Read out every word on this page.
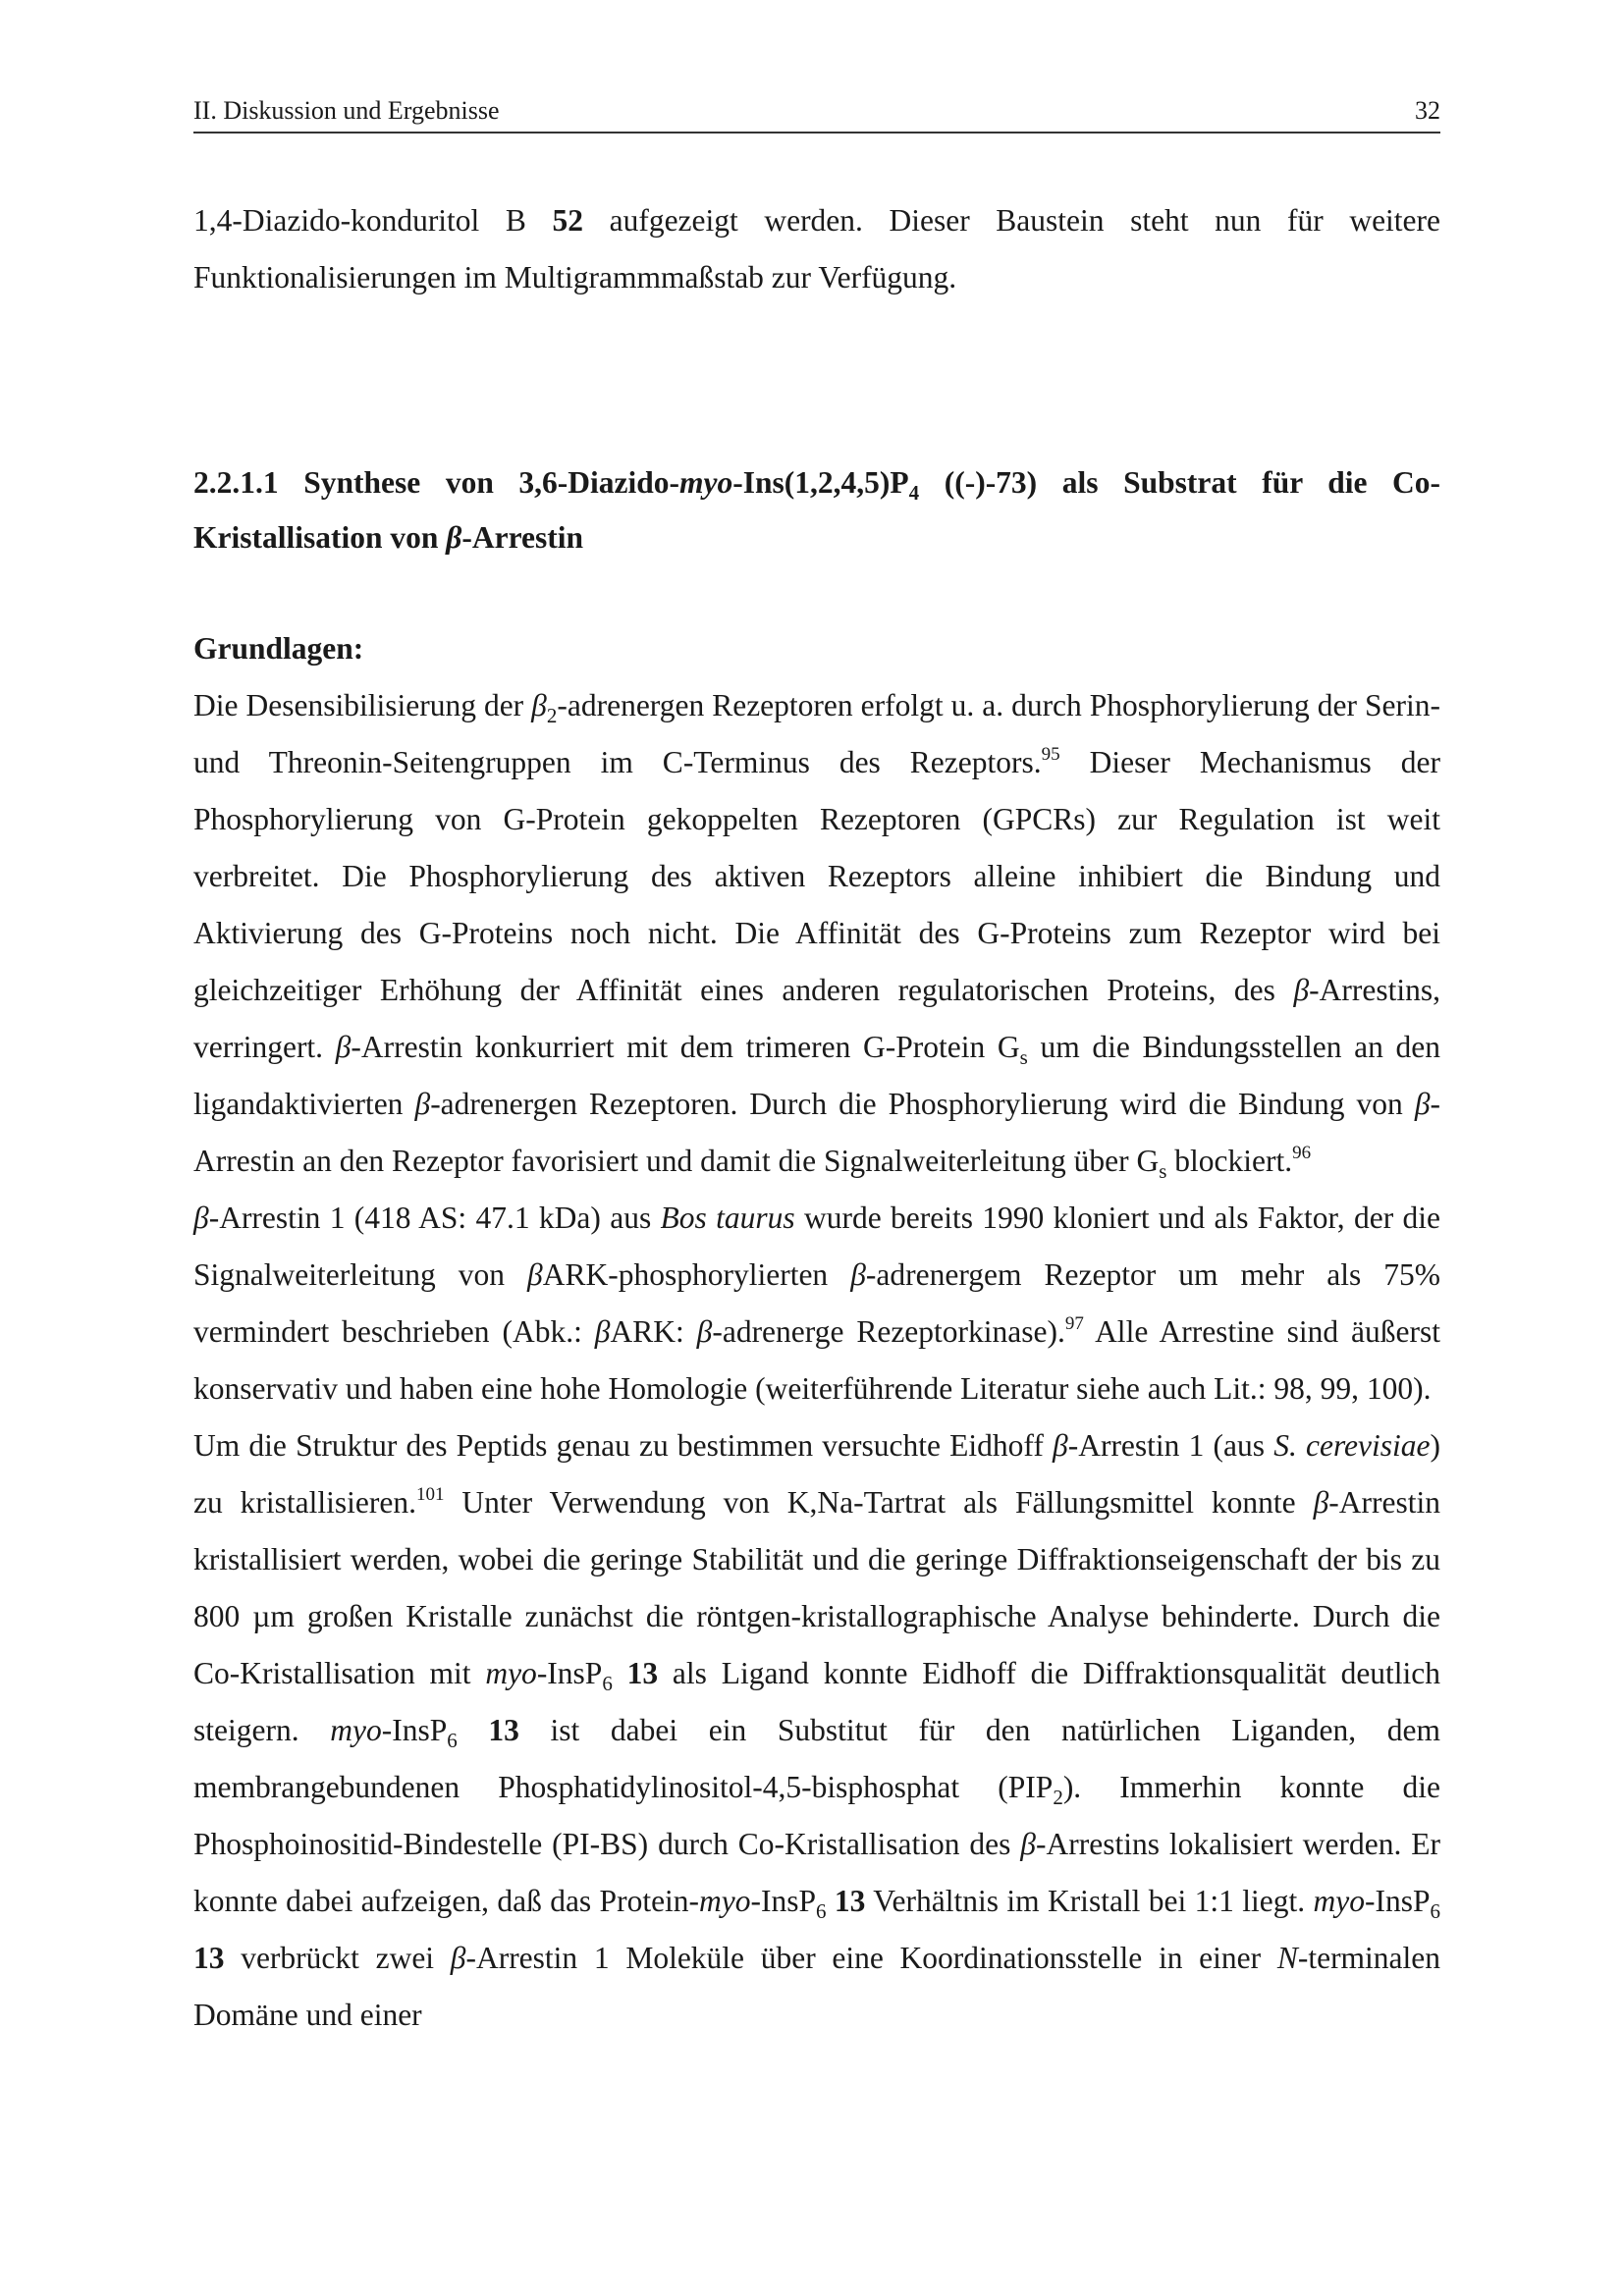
II. Diskussion und Ergebnisse	32

1,4-Diazido-konduritol B 52 aufgezeigt werden. Dieser Baustein steht nun für weitere Funktionalisierungen im Multigrammmaßstab zur Verfügung.

2.2.1.1 Synthese von $3,6-Diazido-myo-Ins(1,2,4,5)P_4$ ((-)-73) als Substrat für die Co-Kristallisation von β-Arrestin

Grundlagen:

Die Desensibilisierung der $\beta_2$-adrenergen Rezeptoren erfolgt u. a. durch Phosphorylierung der Serin- und Threonin-Seitengruppen im C-Terminus des Rezeptors.$^{95}$ Dieser Mechanismus der Phosphorylierung von G-Protein gekoppelten Rezeptoren (GPCRs) zur Regulation ist weit verbreitet. Die Phosphorylierung des aktiven Rezeptors alleine inhibiert die Bindung und Aktivierung des G-Proteins noch nicht. Die Affinität des G-Proteins zum Rezeptor wird bei gleichzeitiger Erhöhung der Affinität eines anderen regulatorischen Proteins, des β-Arrestins, verringert. β-Arrestin konkurriert mit dem trimeren G-Protein $G_s$ um die Bindungsstellen an den ligandaktivierten β-adrenergen Rezeptoren. Durch die Phosphorylierung wird die Bindung von β-Arrestin an den Rezeptor favorisiert und damit die Signalweiterleitung über $G_s$ blockiert.$^{96}$

β-Arrestin 1 (418 AS: 47.1 kDa) aus Bos taurus wurde bereits 1990 kloniert und als Faktor, der die Signalweiterleitung von βARK-phosphorylierten β-adrenergem Rezeptor um mehr als 75% vermindert beschrieben (Abk.: βARK: β-adrenerge Rezeptorkinase).$^{97}$ Alle Arrestine sind äußerst konservativ und haben eine hohe Homologie (weiterführende Literatur siehe auch Lit.: 98, 99, 100).

Um die Struktur des Peptids genau zu bestimmen versuchte Eidhoff β-Arrestin 1 (aus S. cerevisiae) zu kristallisieren.$^{101}$ Unter Verwendung von K,Na-Tartrat als Fällungsmittel konnte β-Arrestin kristallisiert werden, wobei die geringe Stabilität und die geringe Diffraktionseigenschaft der bis zu 800 µm großen Kristalle zunächst die röntgen-kristallographische Analyse behinderte. Durch die Co-Kristallisation mit myo-InsP$_6$ 13 als Ligand konnte Eidhoff die Diffraktionsqualität deutlich steigern. myo-InsP$_6$ 13 ist dabei ein Substitut für den natürlichen Liganden, dem membrangebundenen Phosphatidylinositol-4,5-bisphosphat $(PIP_2)$. Immerhin konnte die Phosphoinositid-Bindestelle (PI-BS) durch Co-Kristallisation des β-Arrestins lokalisiert werden. Er konnte dabei aufzeigen, daß das Protein-myo-InsP$_6$ 13 Verhältnis im Kristall bei 1:1 liegt. myo-InsP$_6$ 13 verbrückt zwei β-Arrestin 1 Moleküle über eine Koordinationsstelle in einer N-terminalen Domäne und einer
